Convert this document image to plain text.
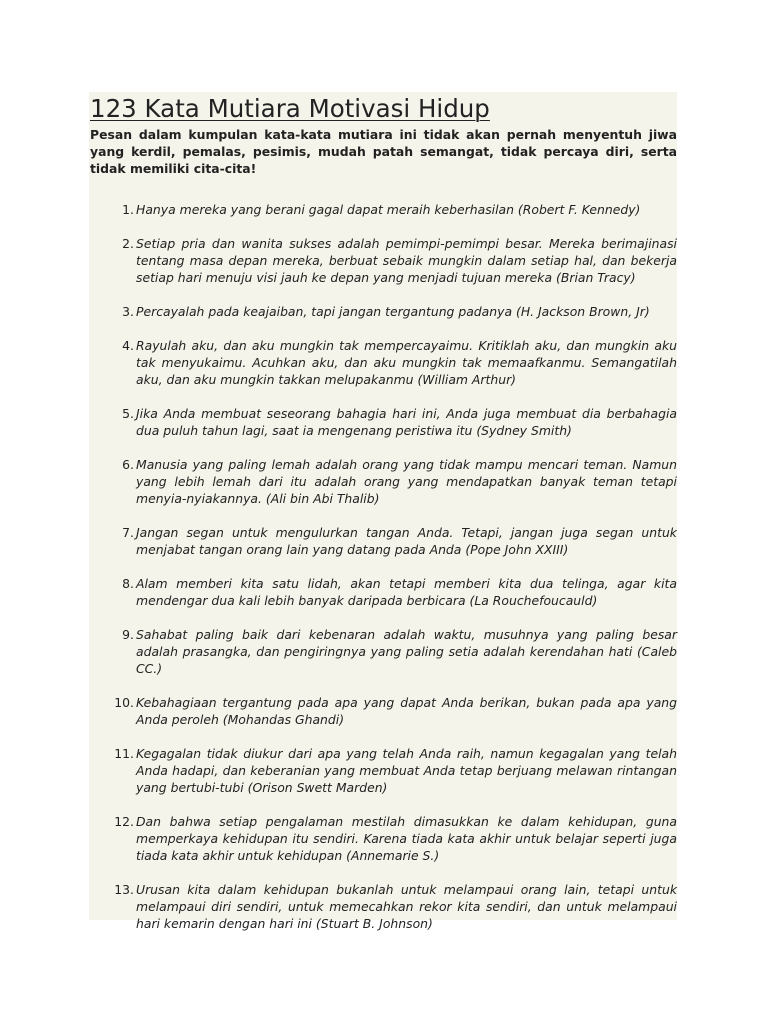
123 Kata Mutiara Motivasi Hidup

Pesan dalam kumpulan kata-kata mutiara ini tidak akan pernah menyentuh jiwa yang kerdil, pemalas, pesimis, mudah patah semangat, tidak percaya diri, serta tidak memiliki cita-cita!

1. Hanya mereka yang berani gagal dapat meraih keberhasilan (Robert F. Kennedy)
2. Setiap pria dan wanita sukses adalah pemimpi-pemimpi besar. Mereka berimajinasi tentang masa depan mereka, berbuat sebaik mungkin dalam setiap hal, dan bekerja setiap hari menuju visi jauh ke depan yang menjadi tujuan mereka (Brian Tracy)
3. Percayalah pada keajaiban, tapi jangan tergantung padanya (H. Jackson Brown, Jr)
4. Rayulah aku, dan aku mungkin tak mempercayaimu. Kritiklah aku, dan mungkin aku tak menyukaimu. Acuhkan aku, dan aku mungkin tak memaafkanmu. Semangatilah aku, dan aku mungkin takkan melupakanmu (William Arthur)
5. Jika Anda membuat seseorang bahagia hari ini, Anda juga membuat dia berbahagia dua puluh tahun lagi, saat ia mengenang peristiwa itu (Sydney Smith)
6. Manusia yang paling lemah adalah orang yang tidak mampu mencari teman. Namun yang lebih lemah dari itu adalah orang yang mendapatkan banyak teman tetapi menyia-nyiakannya. (Ali bin Abi Thalib)
7. Jangan segan untuk mengulurkan tangan Anda. Tetapi, jangan juga segan untuk menjabat tangan orang lain yang datang pada Anda (Pope John XXIII)
8. Alam memberi kita satu lidah, akan tetapi memberi kita dua telinga, agar kita mendengar dua kali lebih banyak daripada berbicara (La Rouchefoucauld)
9. Sahabat paling baik dari kebenaran adalah waktu, musuhnya yang paling besar adalah prasangka, dan pengiringnya yang paling setia adalah kerendahan hati (Caleb CC.)
10. Kebahagiaan tergantung pada apa yang dapat Anda berikan, bukan pada apa yang Anda peroleh (Mohandas Ghandi)
11. Kegagalan tidak diukur dari apa yang telah Anda raih, namun kegagalan yang telah Anda hadapi, dan keberanian yang membuat Anda tetap berjuang melawan rintangan yang bertubi-tubi (Orison Swett Marden)
12. Dan bahwa setiap pengalaman mestilah dimasukkan ke dalam kehidupan, guna memperkaya kehidupan itu sendiri. Karena tiada kata akhir untuk belajar seperti juga tiada kata akhir untuk kehidupan (Annemarie S.)
13. Urusan kita dalam kehidupan bukanlah untuk melampaui orang lain, tetapi untuk melampaui diri sendiri, untuk memecahkan rekor kita sendiri, dan untuk melampaui hari kemarin dengan hari ini (Stuart B. Johnson)
